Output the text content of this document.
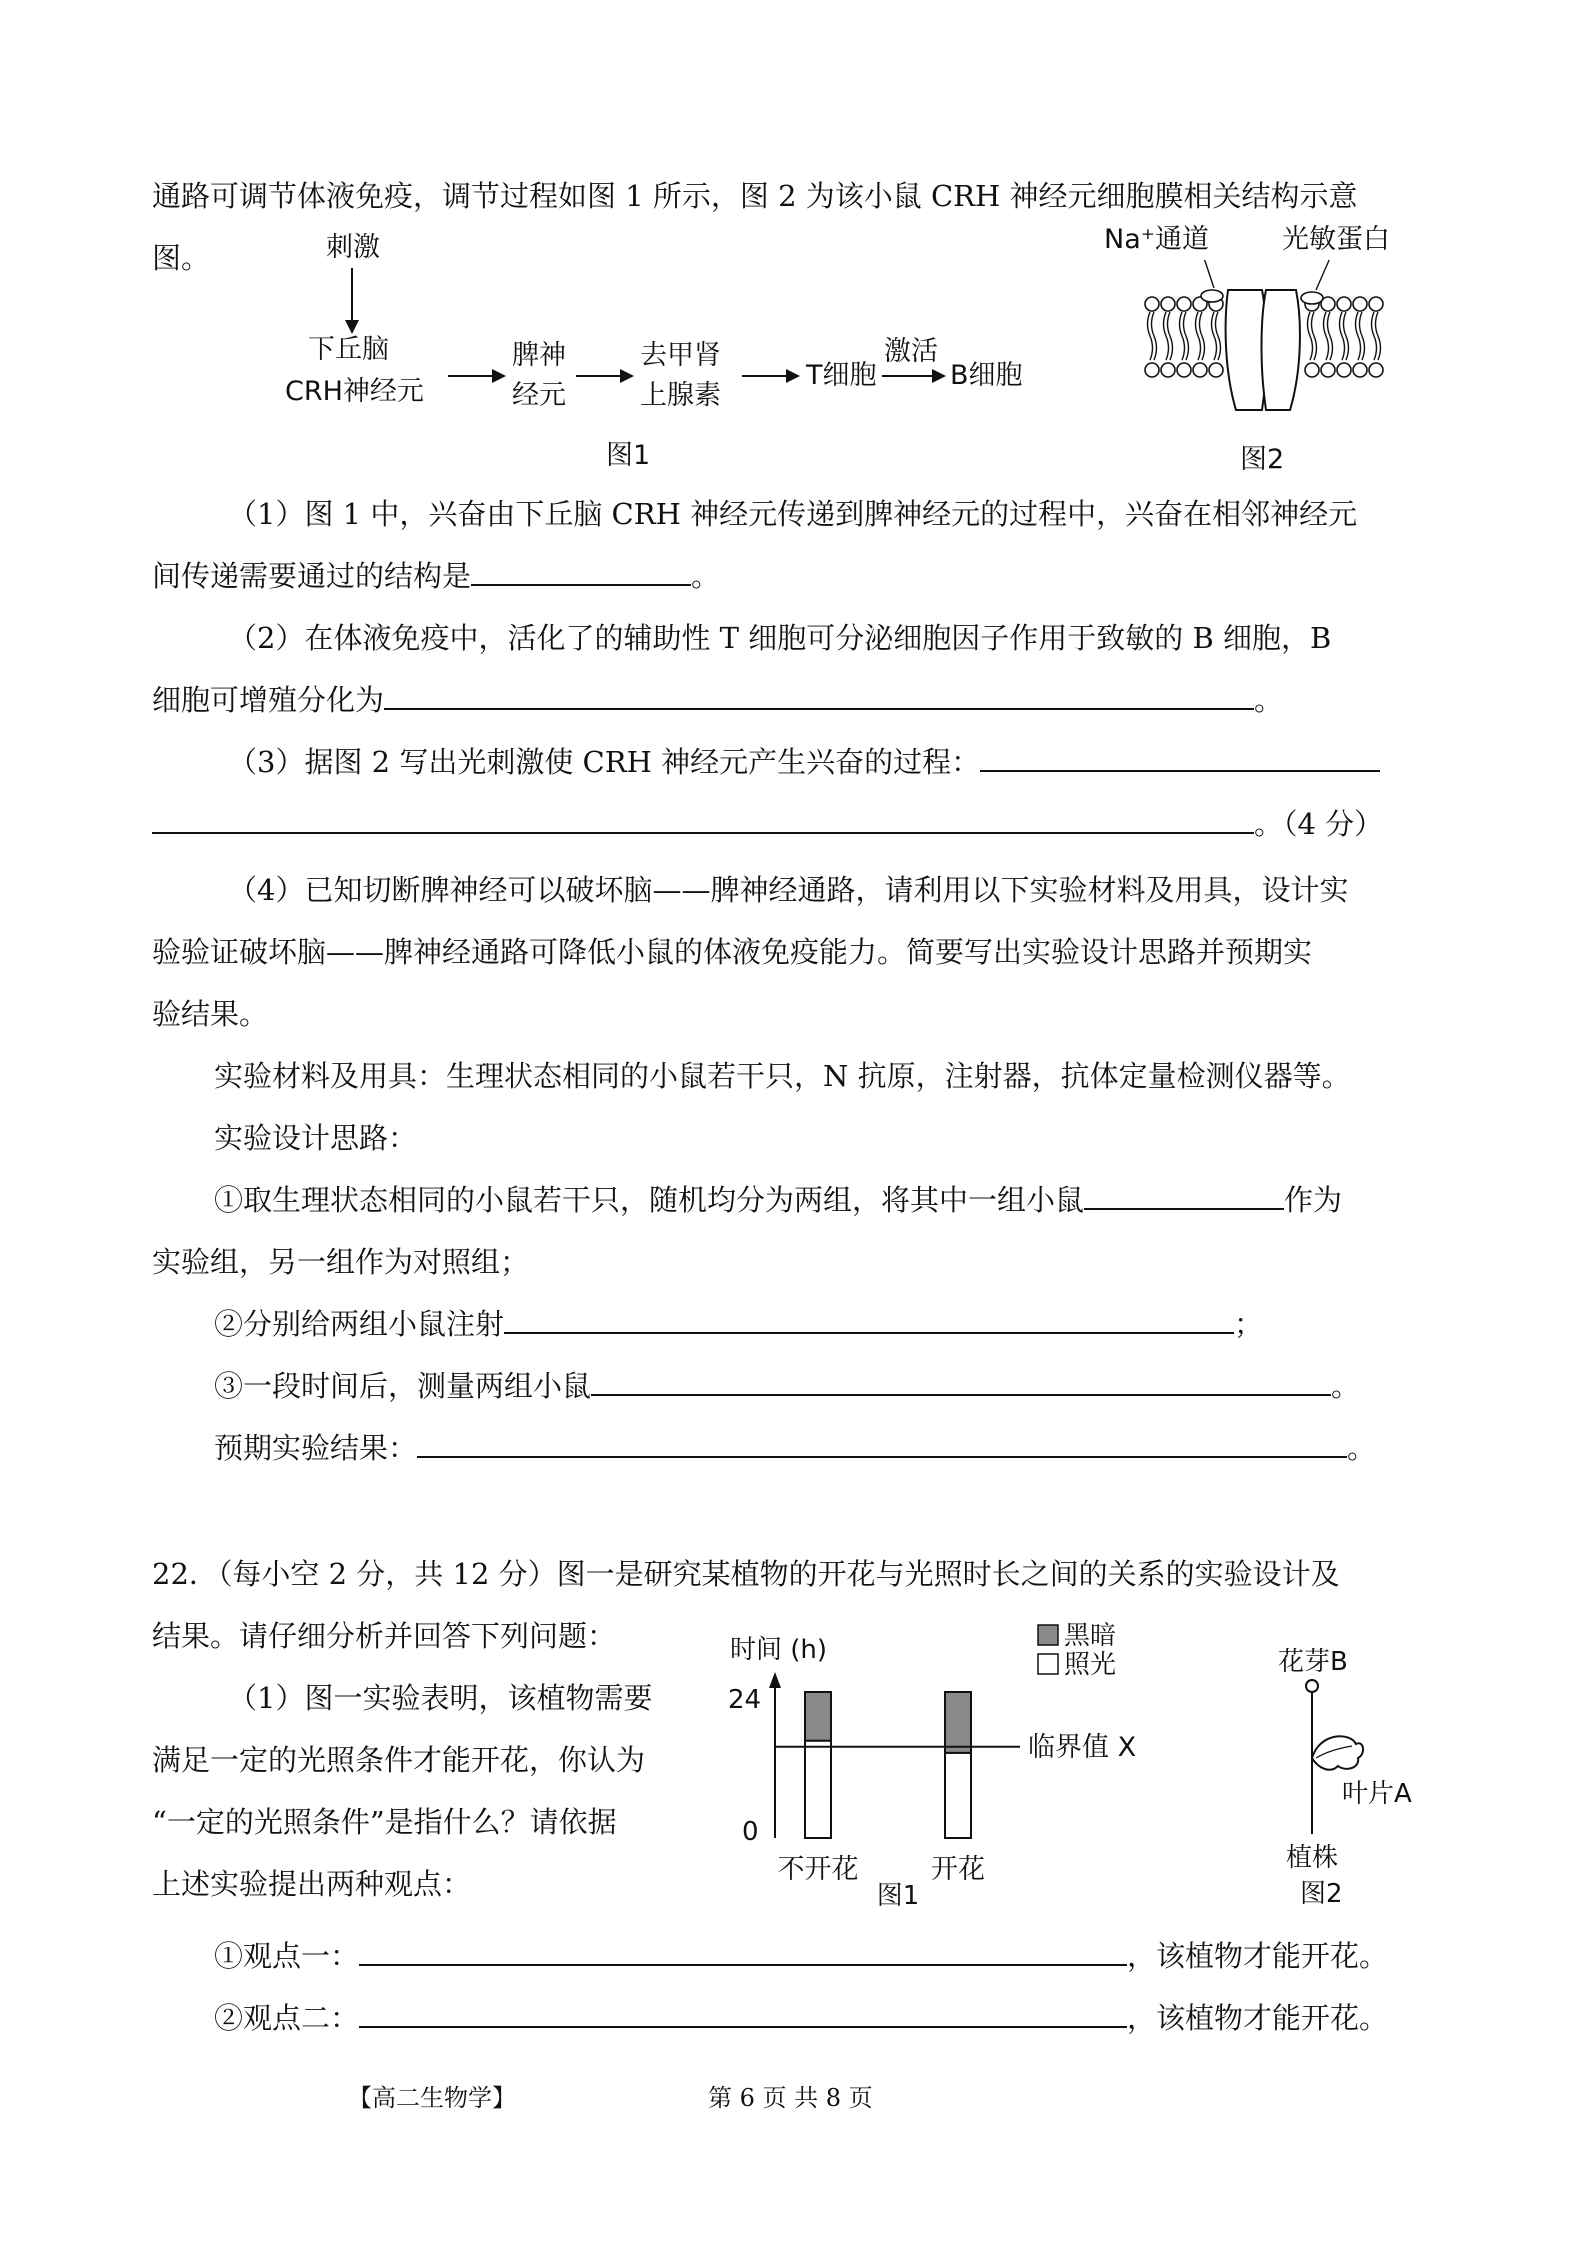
通路可调节体液免疫，调节过程如图 1 所示，图 2 为该小鼠 CRH 神经元细胞膜相关结构示意
图。	刺激
下丘脑
CRH神经元
脾神
经元
去甲肾
上腺素
T细胞
激活
B细胞
图1
Na⁺通道	光敏蛋白
图2
（1）图 1 中，兴奋由下丘脑 CRH 神经元传递到脾神经元的过程中，兴奋在相邻神经元
间传递需要通过的结构是	。
（2）在体液免疫中，活化了的辅助性 T 细胞可分泌细胞因子作用于致敏的 B 细胞，B
细胞可增殖分化为	。
（3）据图 2 写出光刺激使 CRH 神经元产生兴奋的过程：
。（4 分）
（4）已知切断脾神经可以破坏脑——脾神经通路，请利用以下实验材料及用具，设计实
验验证破坏脑——脾神经通路可降低小鼠的体液免疫能力。简要写出实验设计思路并预期实
验结果。
实验材料及用具：生理状态相同的小鼠若干只，N 抗原，注射器，抗体定量检测仪器等。
实验设计思路：
①取生理状态相同的小鼠若干只，随机均分为两组，将其中一组小鼠	作为
实验组，另一组作为对照组；
②分别给两组小鼠注射	；
③一段时间后，测量两组小鼠	。
预期实验结果：	。
22．（每小空 2 分，共 12 分）图一是研究某植物的开花与光照时长之间的关系的实验设计及
结果。请仔细分析并回答下列问题：
（1）图一实验表明，该植物需要
满足一定的光照条件才能开花，你认为
“一定的光照条件”是指什么？请依据
上述实验提出两种观点：
时间 (h)
24
0
黑暗
照光
临界值 X
不开花	开花
图1
花芽B
叶片A
植株
图2
①观点一：	，该植物才能开花。
②观点二：	，该植物才能开花。
【高二生物学】	第 6 页 共 8 页
